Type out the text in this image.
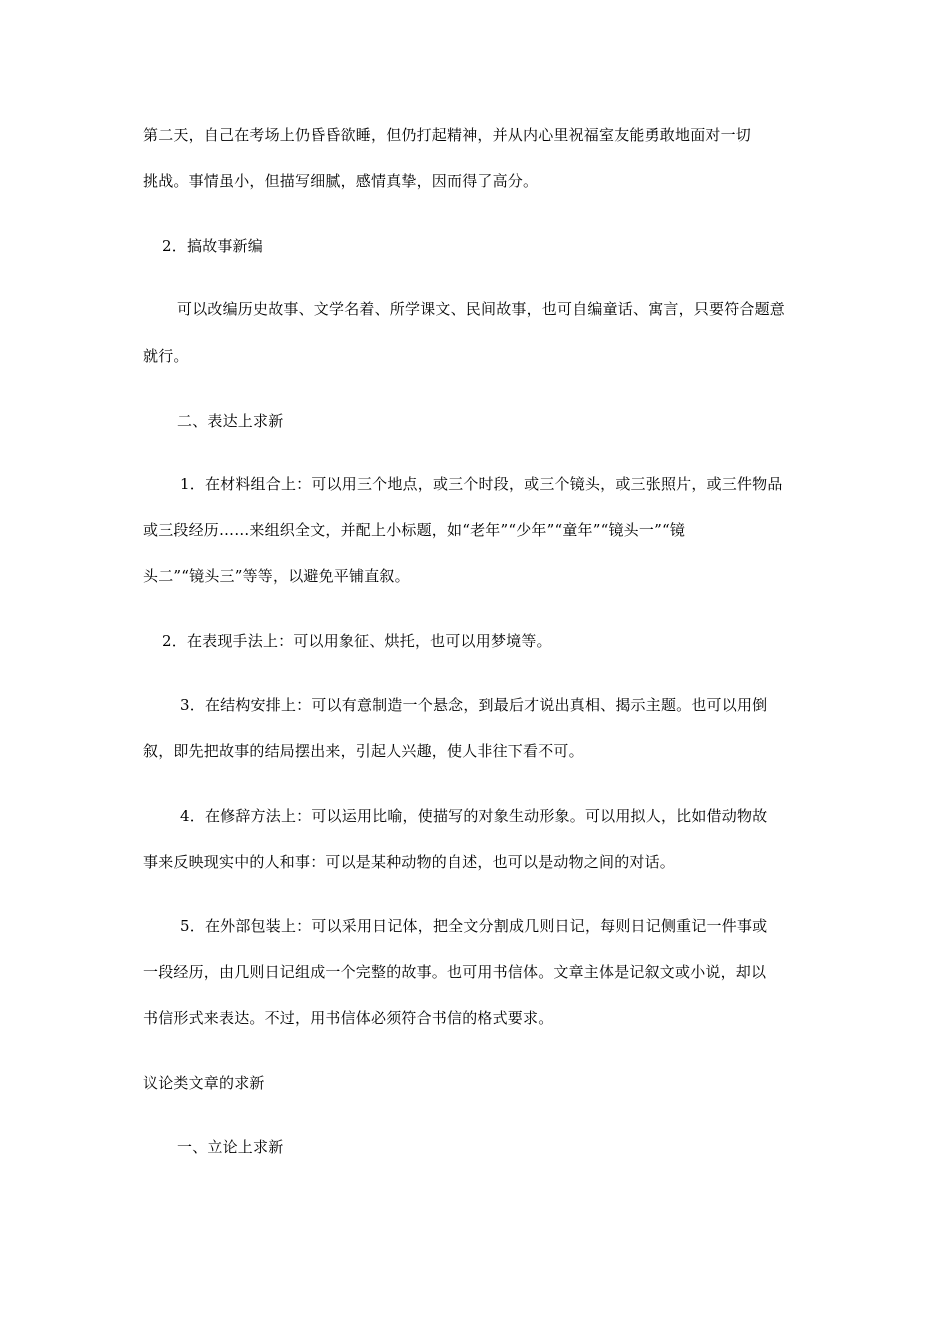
第二天，自己在考场上仍昏昏欲睡，但仍打起精神，并从内心里祝福室友能勇敢地面对一切
挑战。事情虽小，但描写细腻，感情真挚，因而得了高分。
2．搞故事新编
可以改编历史故事、文学名着、所学课文、民间故事，也可自编童话、寓言，只要符合题意
就行。
二、表达上求新
1．在材料组合上：可以用三个地点，或三个时段，或三个镜头，或三张照片，或三件物品
或三段经历……来组织全文，并配上小标题，如“老年”“少年”“童年”“镜头一”“镜
头二”“镜头三”等等，以避免平铺直叙。
2．在表现手法上：可以用象征、烘托，也可以用梦境等。
3．在结构安排上：可以有意制造一个悬念，到最后才说出真相、揭示主题。也可以用倒
叙，即先把故事的结局摆出来，引起人兴趣，使人非往下看不可。
4．在修辞方法上：可以运用比喻，使描写的对象生动形象。可以用拟人，比如借动物故
事来反映现实中的人和事：可以是某种动物的自述，也可以是动物之间的对话。
5．在外部包装上：可以采用日记体，把全文分割成几则日记，每则日记侧重记一件事或
一段经历，由几则日记组成一个完整的故事。也可用书信体。文章主体是记叙文或小说，却以
书信形式来表达。不过，用书信体必须符合书信的格式要求。
议论类文章的求新
一、立论上求新
